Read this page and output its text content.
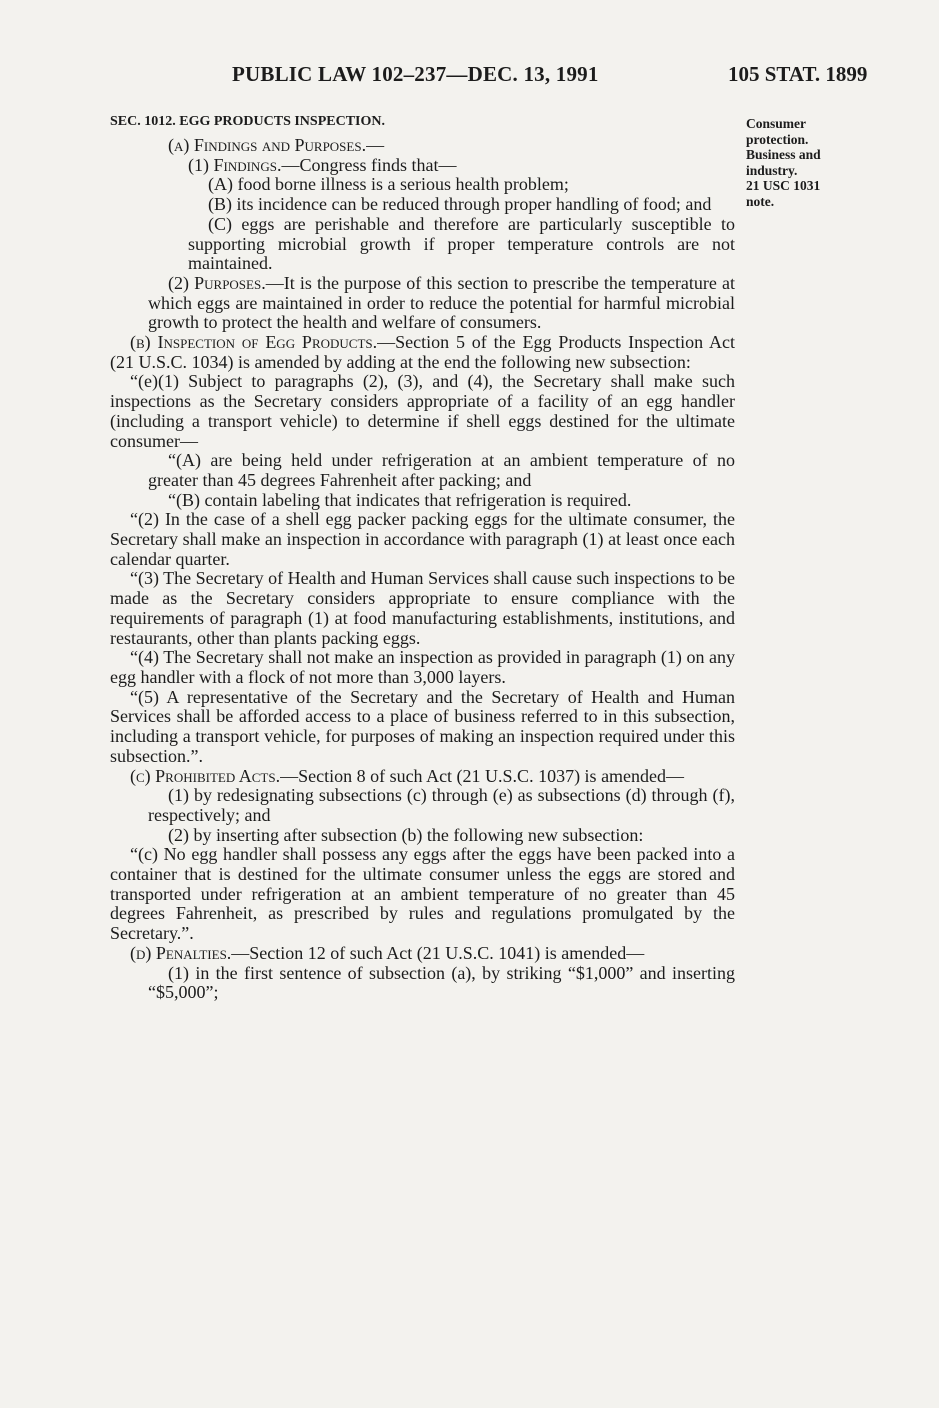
PUBLIC LAW 102–237—DEC. 13, 1991	105 STAT. 1899
Consumer
protection.
Business and
industry.
21 USC 1031
note.
SEC. 1012. EGG PRODUCTS INSPECTION.

(a) Findings and Purposes.—

(1) Findings.—Congress finds that—

(A) food borne illness is a serious health problem;

(B) its incidence can be reduced through proper handling of food; and

(C) eggs are perishable and therefore are particularly susceptible to supporting microbial growth if proper temperature controls are not maintained.

(2) Purposes.—It is the purpose of this section to prescribe the temperature at which eggs are maintained in order to reduce the potential for harmful microbial growth to protect the health and welfare of consumers.

(b) Inspection of Egg Products.—Section 5 of the Egg Products Inspection Act (21 U.S.C. 1034) is amended by adding at the end the following new subsection:

“(e)(1) Subject to paragraphs (2), (3), and (4), the Secretary shall make such inspections as the Secretary considers appropriate of a facility of an egg handler (including a transport vehicle) to determine if shell eggs destined for the ultimate consumer—

“(A) are being held under refrigeration at an ambient temperature of no greater than 45 degrees Fahrenheit after packing; and

“(B) contain labeling that indicates that refrigeration is required.

“(2) In the case of a shell egg packer packing eggs for the ultimate consumer, the Secretary shall make an inspection in accordance with paragraph (1) at least once each calendar quarter.

“(3) The Secretary of Health and Human Services shall cause such inspections to be made as the Secretary considers appropriate to ensure compliance with the requirements of paragraph (1) at food manufacturing establishments, institutions, and restaurants, other than plants packing eggs.

“(4) The Secretary shall not make an inspection as provided in paragraph (1) on any egg handler with a flock of not more than 3,000 layers.

“(5) A representative of the Secretary and the Secretary of Health and Human Services shall be afforded access to a place of business referred to in this subsection, including a transport vehicle, for purposes of making an inspection required under this subsection.”.

(c) Prohibited Acts.—Section 8 of such Act (21 U.S.C. 1037) is amended—

(1) by redesignating subsections (c) through (e) as subsections (d) through (f), respectively; and

(2) by inserting after subsection (b) the following new subsection:

“(c) No egg handler shall possess any eggs after the eggs have been packed into a container that is destined for the ultimate consumer unless the eggs are stored and transported under refrigeration at an ambient temperature of no greater than 45 degrees Fahrenheit, as prescribed by rules and regulations promulgated by the Secretary.”.

(d) Penalties.—Section 12 of such Act (21 U.S.C. 1041) is amended—

(1) in the first sentence of subsection (a), by striking “$1,000” and inserting “$5,000”;
